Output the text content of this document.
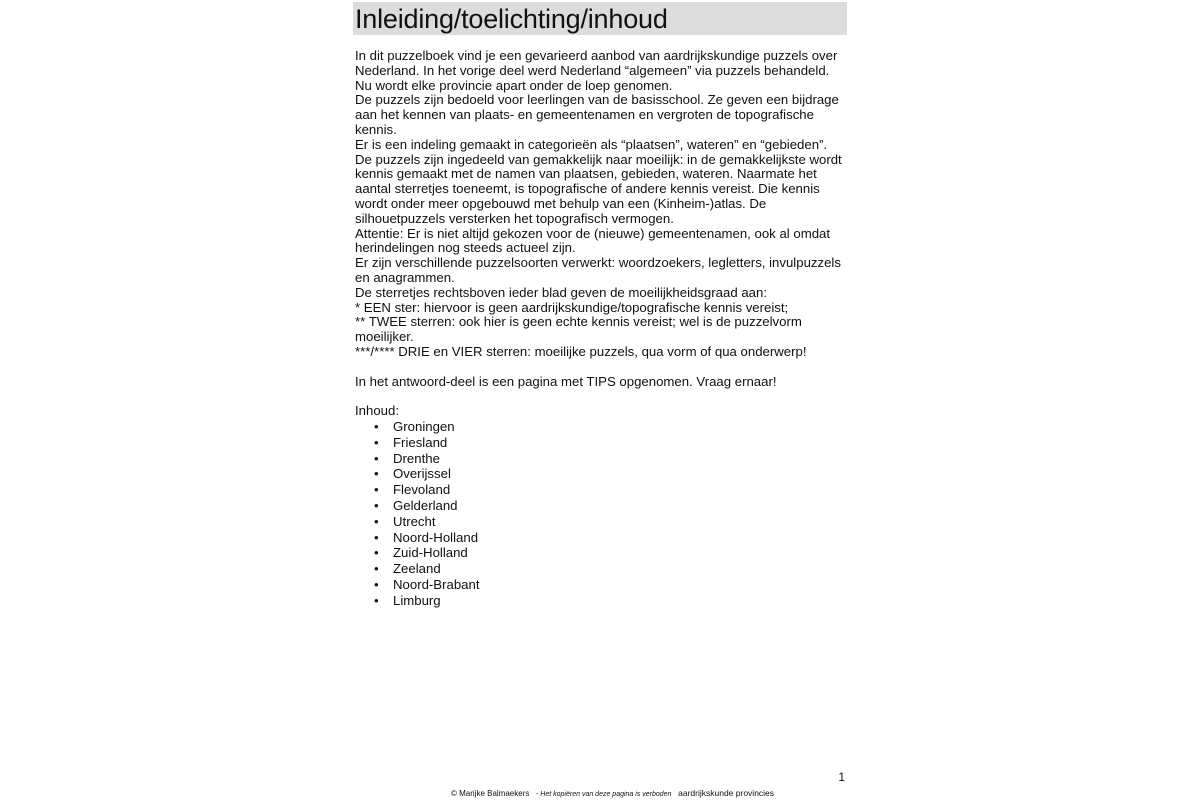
Inleiding/toelichting/inhoud

In dit puzzelboek vind je een gevarieerd aanbod van aardrijkskundige puzzels over Nederland. In het vorige deel werd Nederland “algemeen” via puzzels behandeld. Nu wordt elke provincie apart onder de loep genomen.

De puzzels zijn bedoeld voor leerlingen van de basisschool. Ze geven een bijdrage aan het kennen van plaats- en gemeentenamen en vergroten de topografische kennis.

Er is een indeling gemaakt in categorieën als “plaatsen”, wateren” en “gebieden”.

De puzzels zijn ingedeeld van gemakkelijk naar moeilijk: in de gemakkelijkste wordt kennis gemaakt met de namen van plaatsen, gebieden, wateren. Naarmate het aantal sterretjes toeneemt, is topografische of andere kennis vereist. Die kennis wordt onder meer opgebouwd met behulp van een (Kinheim-)atlas. De silhouetpuzzels versterken het topografisch vermogen.

Attentie: Er is niet altijd gekozen voor de (nieuwe) gemeentenamen, ook al omdat herindelingen nog steeds actueel zijn.

Er zijn verschillende puzzelsoorten verwerkt: woordzoekers, legletters, invulpuzzels en anagrammen.

De sterretjes rechtsboven ieder blad geven de moeilijkheidsgraad aan:

* EEN ster: hiervoor is geen aardrijkskundige/topografische kennis vereist;

** TWEE sterren: ook hier is geen echte kennis vereist; wel is de puzzelvorm moeilijker.

***/**** DRIE en VIER sterren: moeilijke puzzels, qua vorm of qua onderwerp!

In het antwoord-deel is een pagina met TIPS opgenomen. Vraag ernaar!

Inhoud:
• Groningen
• Friesland
• Drenthe
• Overijssel
• Flevoland
• Gelderland
• Utrecht
• Noord-Holland
• Zuid-Holland
• Zeeland
• Noord-Brabant
• Limburg
1
© Marijke Balmaekers - Het kopiëren van deze pagina is verboden aardrijkskunde provincies
